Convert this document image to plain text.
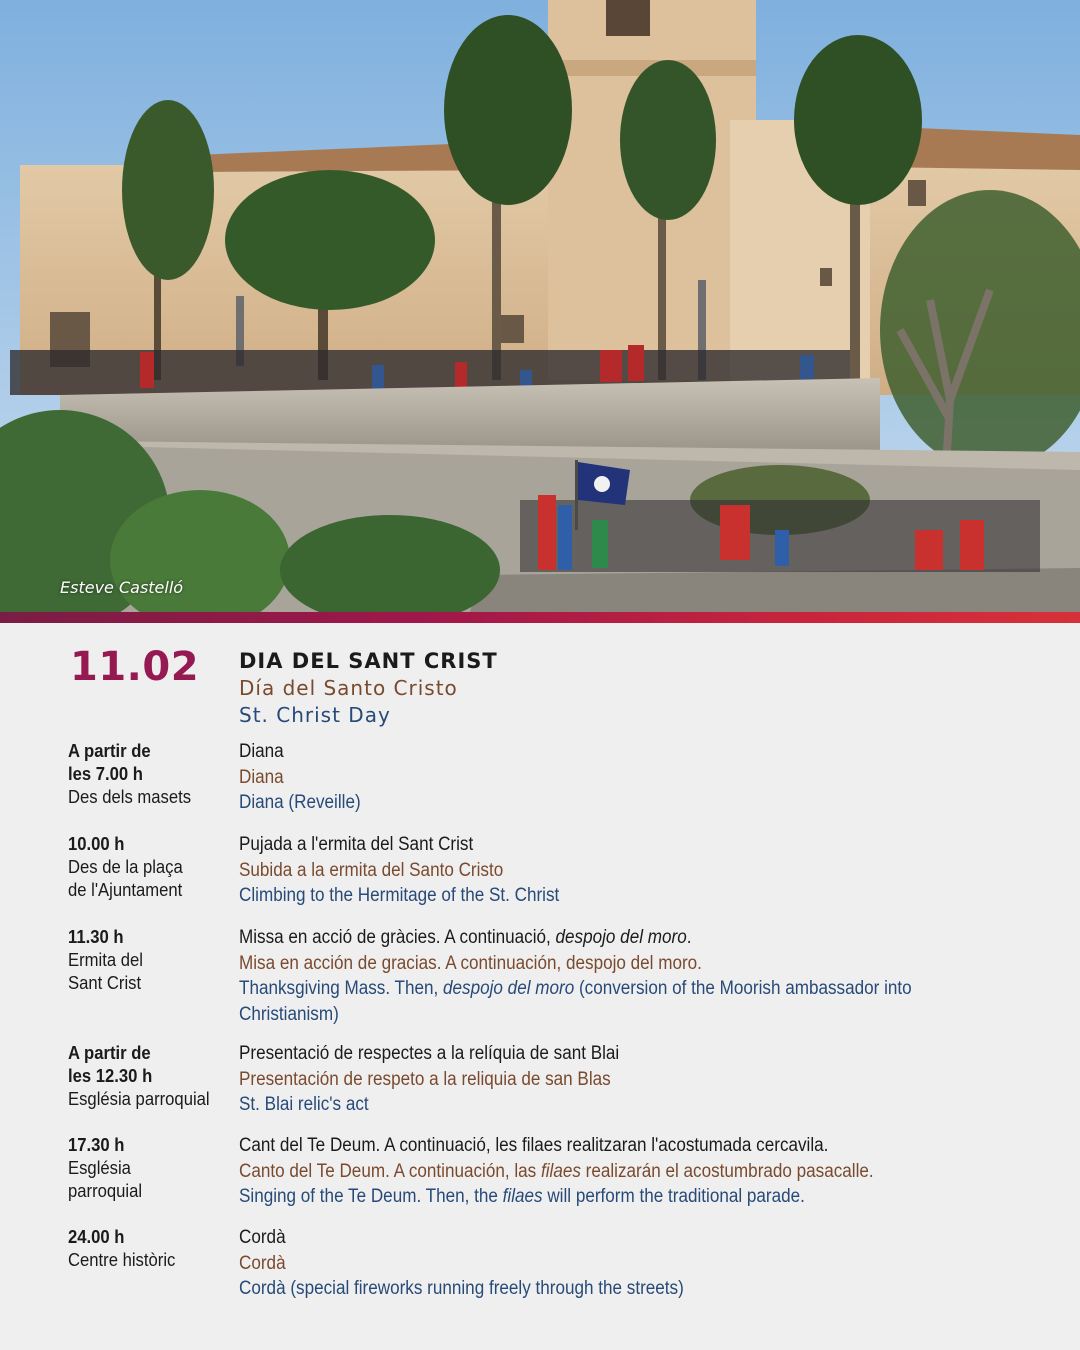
Esteve Castelló
11.02 DIA DEL SANT CRIST
Día del Santo Cristo
St. Christ Day
A partir de
les 7.00 h
Des dels masets
Diana
Diana
Diana (Reveille)
10.00 h
Des de la plaça
de l'Ajuntament
Pujada a l'ermita del Sant Crist
Subida a la ermita del Santo Cristo
Climbing to the Hermitage of the St. Christ
11.30 h
Ermita del
Sant Crist
Missa en acció de gràcies. A continuació, despojo del moro.
Misa en acción de gracias. A continuación, despojo del moro.
Thanksgiving Mass. Then, despojo del moro (conversion of the Moorish ambassador into
Christianism)
A partir de
les 12.30 h
Església parroquial
Presentació de respectes a la relíquia de sant Blai
Presentación de respeto a la reliquia de san Blas
St. Blai relic's act
17.30 h
Església
parroquial
Cant del Te Deum. A continuació, les filaes realitzaran l'acostumada cercavila.
Canto del Te Deum. A continuación, las filaes realizarán el acostumbrado pasacalle.
Singing of the Te Deum. Then, the filaes will perform the traditional parade.
24.00 h
Centre històric
Cordà
Cordà
Cordà (special fireworks running freely through the streets)
